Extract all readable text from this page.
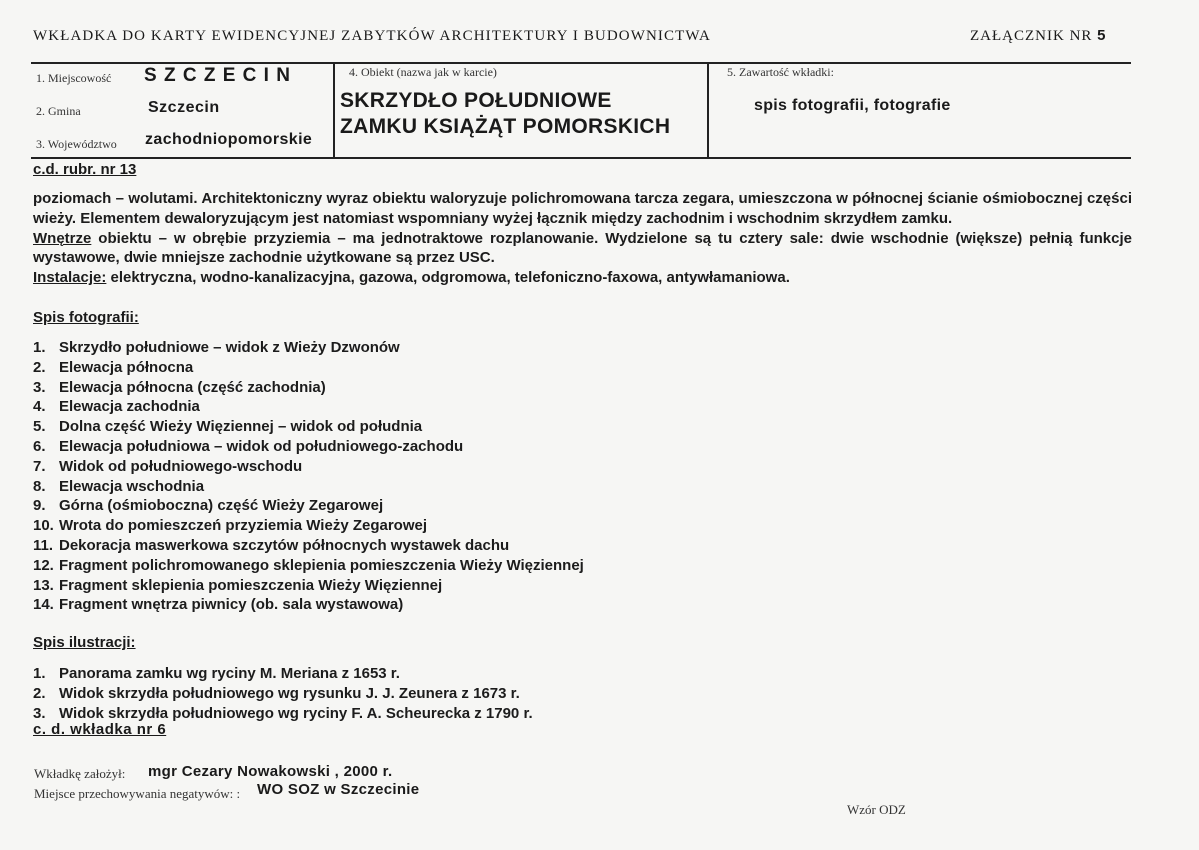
WKŁADKA DO KARTY EWIDENCYJNEJ ZABYTKÓW ARCHITEKTURY I BUDOWNICTWA	ZAŁĄCZNIK NR 5
1. Miejscowość S Z C Z E C I N
2. Gmina	Szczecin
3. Województwo zachodniopomorskie
4. Obiekt (nazwa jak w karcie)
SKRZYDŁO POŁUDNIOWE
ZAMKU KSIĄŻĄT POMORSKICH
5. Zawartość wkładki:
spis fotografii, fotografie
c.d. rubr. nr 13

poziomach – wolutami. Architektoniczny wyraz obiektu waloryzuje polichromowana tarcza zegara, umieszczona w północnej ścianie ośmiobocznej części wieży. Elementem dewaloryzującym jest natomiast wspomniany wyżej łącznik między zachodnim i wschodnim skrzydłem zamku.

Wnętrze obiektu – w obrębie przyziemia – ma jednotraktowe rozplanowanie. Wydzielone są tu cztery sale: dwie wschodnie (większe) pełnią funkcje wystawowe, dwie mniejsze zachodnie użytkowane są przez USC.

Instalacje: elektryczna, wodno-kanalizacyjna, gazowa, odgromowa, telefoniczno-faxowa, antywłamaniowa.

Spis fotografii:
1. Skrzydło południowe – widok z Wieży Dzwonów
2. Elewacja północna
3. Elewacja północna (część zachodnia)
4. Elewacja zachodnia
5. Dolna część Wieży Więziennej – widok od południa
6. Elewacja południowa – widok od południowego-zachodu
7. Widok od południowego-wschodu
8. Elewacja wschodnia
9. Górna (ośmioboczna) część Wieży Zegarowej
10. Wrota do pomieszczeń przyziemia Wieży Zegarowej
11. Dekoracja maswerkowa szczytów północnych wystawek dachu
12. Fragment polichromowanego sklepienia pomieszczenia Wieży Więziennej
13. Fragment sklepienia pomieszczenia Wieży Więziennej
14. Fragment wnętrza piwnicy (ob. sala wystawowa)
Spis ilustracji:
1. Panorama zamku wg ryciny M. Meriana z 1653 r.
2. Widok skrzydła południowego wg rysunku J. J. Zeunera z 1673 r.
3. Widok skrzydła południowego wg ryciny F. A. Scheurecka z 1790 r.
c. d. wkładka nr 6
Wkładkę założył: mgr Cezary Nowakowski , 2000 r.
Miejsce przechowywania negatywów: : WO SOZ w Szczecinie
Wzór ODZ
